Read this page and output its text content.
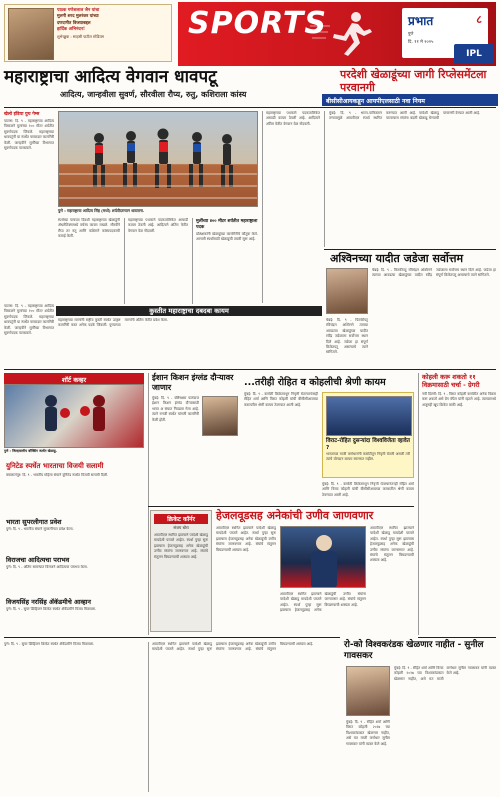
पाठक गणेशलाल जैन यांचा
मुलगी शरद मुलरंकर यांच्या
दणदणीत विजयाबद्दल
हार्दिक अभिनंदन!
शुभेच्छुक : साहसी पाटील स्टेडियम	SPORTS	प्रभात
पुणे
दि. ११ मे २०२५
८
IPL
महाराष्ट्राचा आदित्य वेगवान धावपटू
आदित्य, जान्हवीला सुवर्ण, सौरवीला रौप्य, रुतु, कशिराला कांस्य
परदेशी खेळाडूंच्या जागी रिप्लेसमेंटला परवानगी
बीसीसीआयकडून आयपीएलसाठी नवा नियम
खेलो इंडिया युथ गेम्स
पाटणा: दि. ९ - महाराष्ट्राच्या आदित्य पिसाळने मुलांच्या १०० मीटर शर्यतीत सुवर्णपदक जिंकले. महाराष्ट्राच्या धावपटूंनी या स्पर्धेत चमकदार कामगिरी केली. जान्हवीने मुलींच्या विभागात सुवर्णपदक पटकावले.
पुणे : महाराष्ट्राचा आदित्य सिंह (मध्ये) शर्यतीदरम्यान धावताना.
स्पर्धेच्या पाचव्या दिवशी महाराष्ट्राच्या खेळाडूंनी ॲथलेटिक्समध्ये वर्चस्व कायम राखले. सौरवीने रौप्य तर रुतु आणि कशिराने कांस्यपदकाची कमाई केली.
महाराष्ट्राच्या पथकाने पदकतालिकेत आघाडी कायम ठेवली आहे. आदित्यने अंतिम फेरीत वेगवान वेळ नोंदवली.
मुलींच्या ४०० मीटर शर्यतीत महाराष्ट्राला पदक
प्रशिक्षकांनी खेळाडूंच्या कामगिरीचे कौतुक केले. आगामी स्पर्धांसाठी खेळाडूंची तयारी सुरू आहे.
महाराष्ट्राच्या पथकाने पदकतालिकेत आघाडी कायम ठेवली आहे. आदित्यने अंतिम फेरीत वेगवान वेळ नोंदवली.
मुंबई: दि. ९ - भारत-पाकिस्तान तणावामुळे आयपीएल स्पर्धा स्थगित करण्यात आली आहे. परदेशी खेळाडू परतल्यास संघांना बदली खेळाडू घेण्याची परवानगी देण्यात आली आहे.
अश्विनच्या यादीत जडेजा सर्वोत्तम
चेन्नई: दि. ९ - फिरकीपटू रविचंद्रन अश्विनने त्याच्या आवडत्या खेळाडूंच्या यादीत रवींद्र जडेजाला सर्वोत्तम स्थान दिले आहे. जडेजा हा संपूर्ण क्रिकेटपटू असल्याचे त्याने सांगितले.
चेन्नई: दि. ९ - फिरकीपटू रविचंद्रन अश्विनने त्याच्या आवडत्या खेळाडूंच्या यादीत रवींद्र जडेजाला सर्वोत्तम स्थान दिले आहे. जडेजा हा संपूर्ण क्रिकेटपटू असल्याचे त्याने सांगितले.
कुस्तीत महाराष्ट्राचा दबदबा कायम
महाराष्ट्राच्या मल्लांनी राष्ट्रीय कुस्ती स्पर्धेत उत्कृष्ट कामगिरी करत अनेक पदके जिंकली. पुण्याच्या मल्लांनी अंतिम फेरीत प्रवेश केला.
पाटणा: दि. ९ - महाराष्ट्राच्या आदित्य पिसाळने मुलांच्या १०० मीटर शर्यतीत सुवर्णपदक जिंकले. महाराष्ट्राच्या धावपटूंनी या स्पर्धेत चमकदार कामगिरी केली. जान्हवीने मुलींच्या विभागात सुवर्णपदक पटकावले.
शॉर्ट कव्हर
पुणे : जिल्हास्तरीय बॉक्सिंग स्पर्धेत खेळाडू.
युनिटेड स्पर्धेत भारताचा विजयी सलामी
क्वालालंपूर: दि. ९ - भारतीय महिला संघाने युनिटेड स्पर्धेत विजयी सलामी दिली.
भारता सुपरलीगात प्रवेश
पुणे: दि. ९ - भारतीय संघाने सुपरलीगात प्रवेश केला.
विराजचा आदित्यचा पराभव
पुणे: दि. ९ - अंतिम सामन्यात विराजने आदित्यचा पराभव केला.
विजयसिंह नरसिंह ॲकॅडमीचे आव्हान
पुणे: दि. ९ - सुपर डिव्हिजन क्रिकेट स्पर्धेत ॲकॅडमीने विजय मिळवला.
ईशान किशन इंग्लंड दौऱ्यावर जाणार
मुंबई: दि. ९ - यष्टिरक्षक फलंदाज ईशान किशन इंग्लंड दौऱ्यासाठी भारत अ संघात निवडला गेला आहे. त्याने रणजी स्पर्धेत चांगली कामगिरी केली होती.
...तरीही रोहित व कोहलीची श्रेणी कायम
मुंबई: दि. ९ - कसोटी क्रिकेटमधून निवृत्ती घेतल्यानंतरही रोहित शर्मा आणि विराट कोहली यांची बीसीसीआयच्या करारातील श्रेणी कायम ठेवण्यात आली आहे.
विराट-रोहित दुसऱ्यांदा विश्वविजेता व्हावेत ?
भारताच्या माजी कर्णधारांनी कसोटीतून निवृत्ती घेतली असली तरी त्यांचे योगदान कायम स्मरणात राहील.
मुंबई: दि. ९ - कसोटी क्रिकेटमधून निवृत्ती घेतल्यानंतरही रोहित शर्मा आणि विराट कोहली यांची बीसीसीआयच्या करारातील श्रेणी कायम ठेवण्यात आली आहे.
कोहली करू शकतो ११ विक्रमासाठी चर्चा - ग्रेगरी
नवी दिल्ली: दि. ९ - विराट कोहली कसोटीत अनेक विक्रम करू शकतो असे ग्रेग चॅपेल यांनी म्हटले आहे. त्याच्यामध्ये अजूनही खूप क्रिकेट बाकी आहे.
क्रिकेट कॉर्नर
संजय बोरा
आयपीएल स्थगित झाल्याने परदेशी खेळाडू मायदेशी परतले आहेत. स्पर्धा पुन्हा सुरू झाल्यास हेजलवूडसह अनेक खेळाडूंची उणीव संघांना जाणवणार आहे. संघांचे संतुलन बिघडण्याची शक्यता आहे.
हेजलवूडसह अनेकांची उणीव जाणवणार
आयपीएल स्थगित झाल्याने परदेशी खेळाडू मायदेशी परतले आहेत. स्पर्धा पुन्हा सुरू झाल्यास हेजलवूडसह अनेक खेळाडूंची उणीव संघांना जाणवणार आहे. संघांचे संतुलन बिघडण्याची शक्यता आहे.
आयपीएल स्थगित झाल्याने परदेशी खेळाडू मायदेशी परतले आहेत. स्पर्धा पुन्हा सुरू झाल्यास हेजलवूडसह अनेक खेळाडूंची उणीव संघांना जाणवणार आहे. संघांचे संतुलन बिघडण्याची शक्यता आहे.
आयपीएल स्थगित झाल्याने परदेशी खेळाडू मायदेशी परतले आहेत. स्पर्धा पुन्हा सुरू झाल्यास हेजलवूडसह अनेक खेळाडूंची उणीव संघांना जाणवणार आहे. संघांचे संतुलन बिघडण्याची शक्यता आहे.
रो-को विश्वकरंडक खेळणार नाहीत - सुनील गावसकर
मुंबई: दि. ९ - रोहित शर्मा आणि विराट कोहली २०२७ च्या विश्वकरंडकात खेळणार नाहीत, असे मत माजी कर्णधार सुनील गावसकर यांनी व्यक्त केले आहे.
मुंबई: दि. ९ - रोहित शर्मा आणि विराट कोहली २०२७ च्या विश्वकरंडकात खेळणार नाहीत, असे मत माजी कर्णधार सुनील गावसकर यांनी व्यक्त केले आहे.
पुणे: दि. ९ - सुपर डिव्हिजन क्रिकेट स्पर्धेत ॲकॅडमीने विजय मिळवला.	आयपीएल स्थगित झाल्याने परदेशी खेळाडू मायदेशी परतले आहेत. स्पर्धा पुन्हा सुरू झाल्यास हेजलवूडसह अनेक खेळाडूंची उणीव संघांना जाणवणार आहे. संघांचे संतुलन बिघडण्याची शक्यता आहे.
